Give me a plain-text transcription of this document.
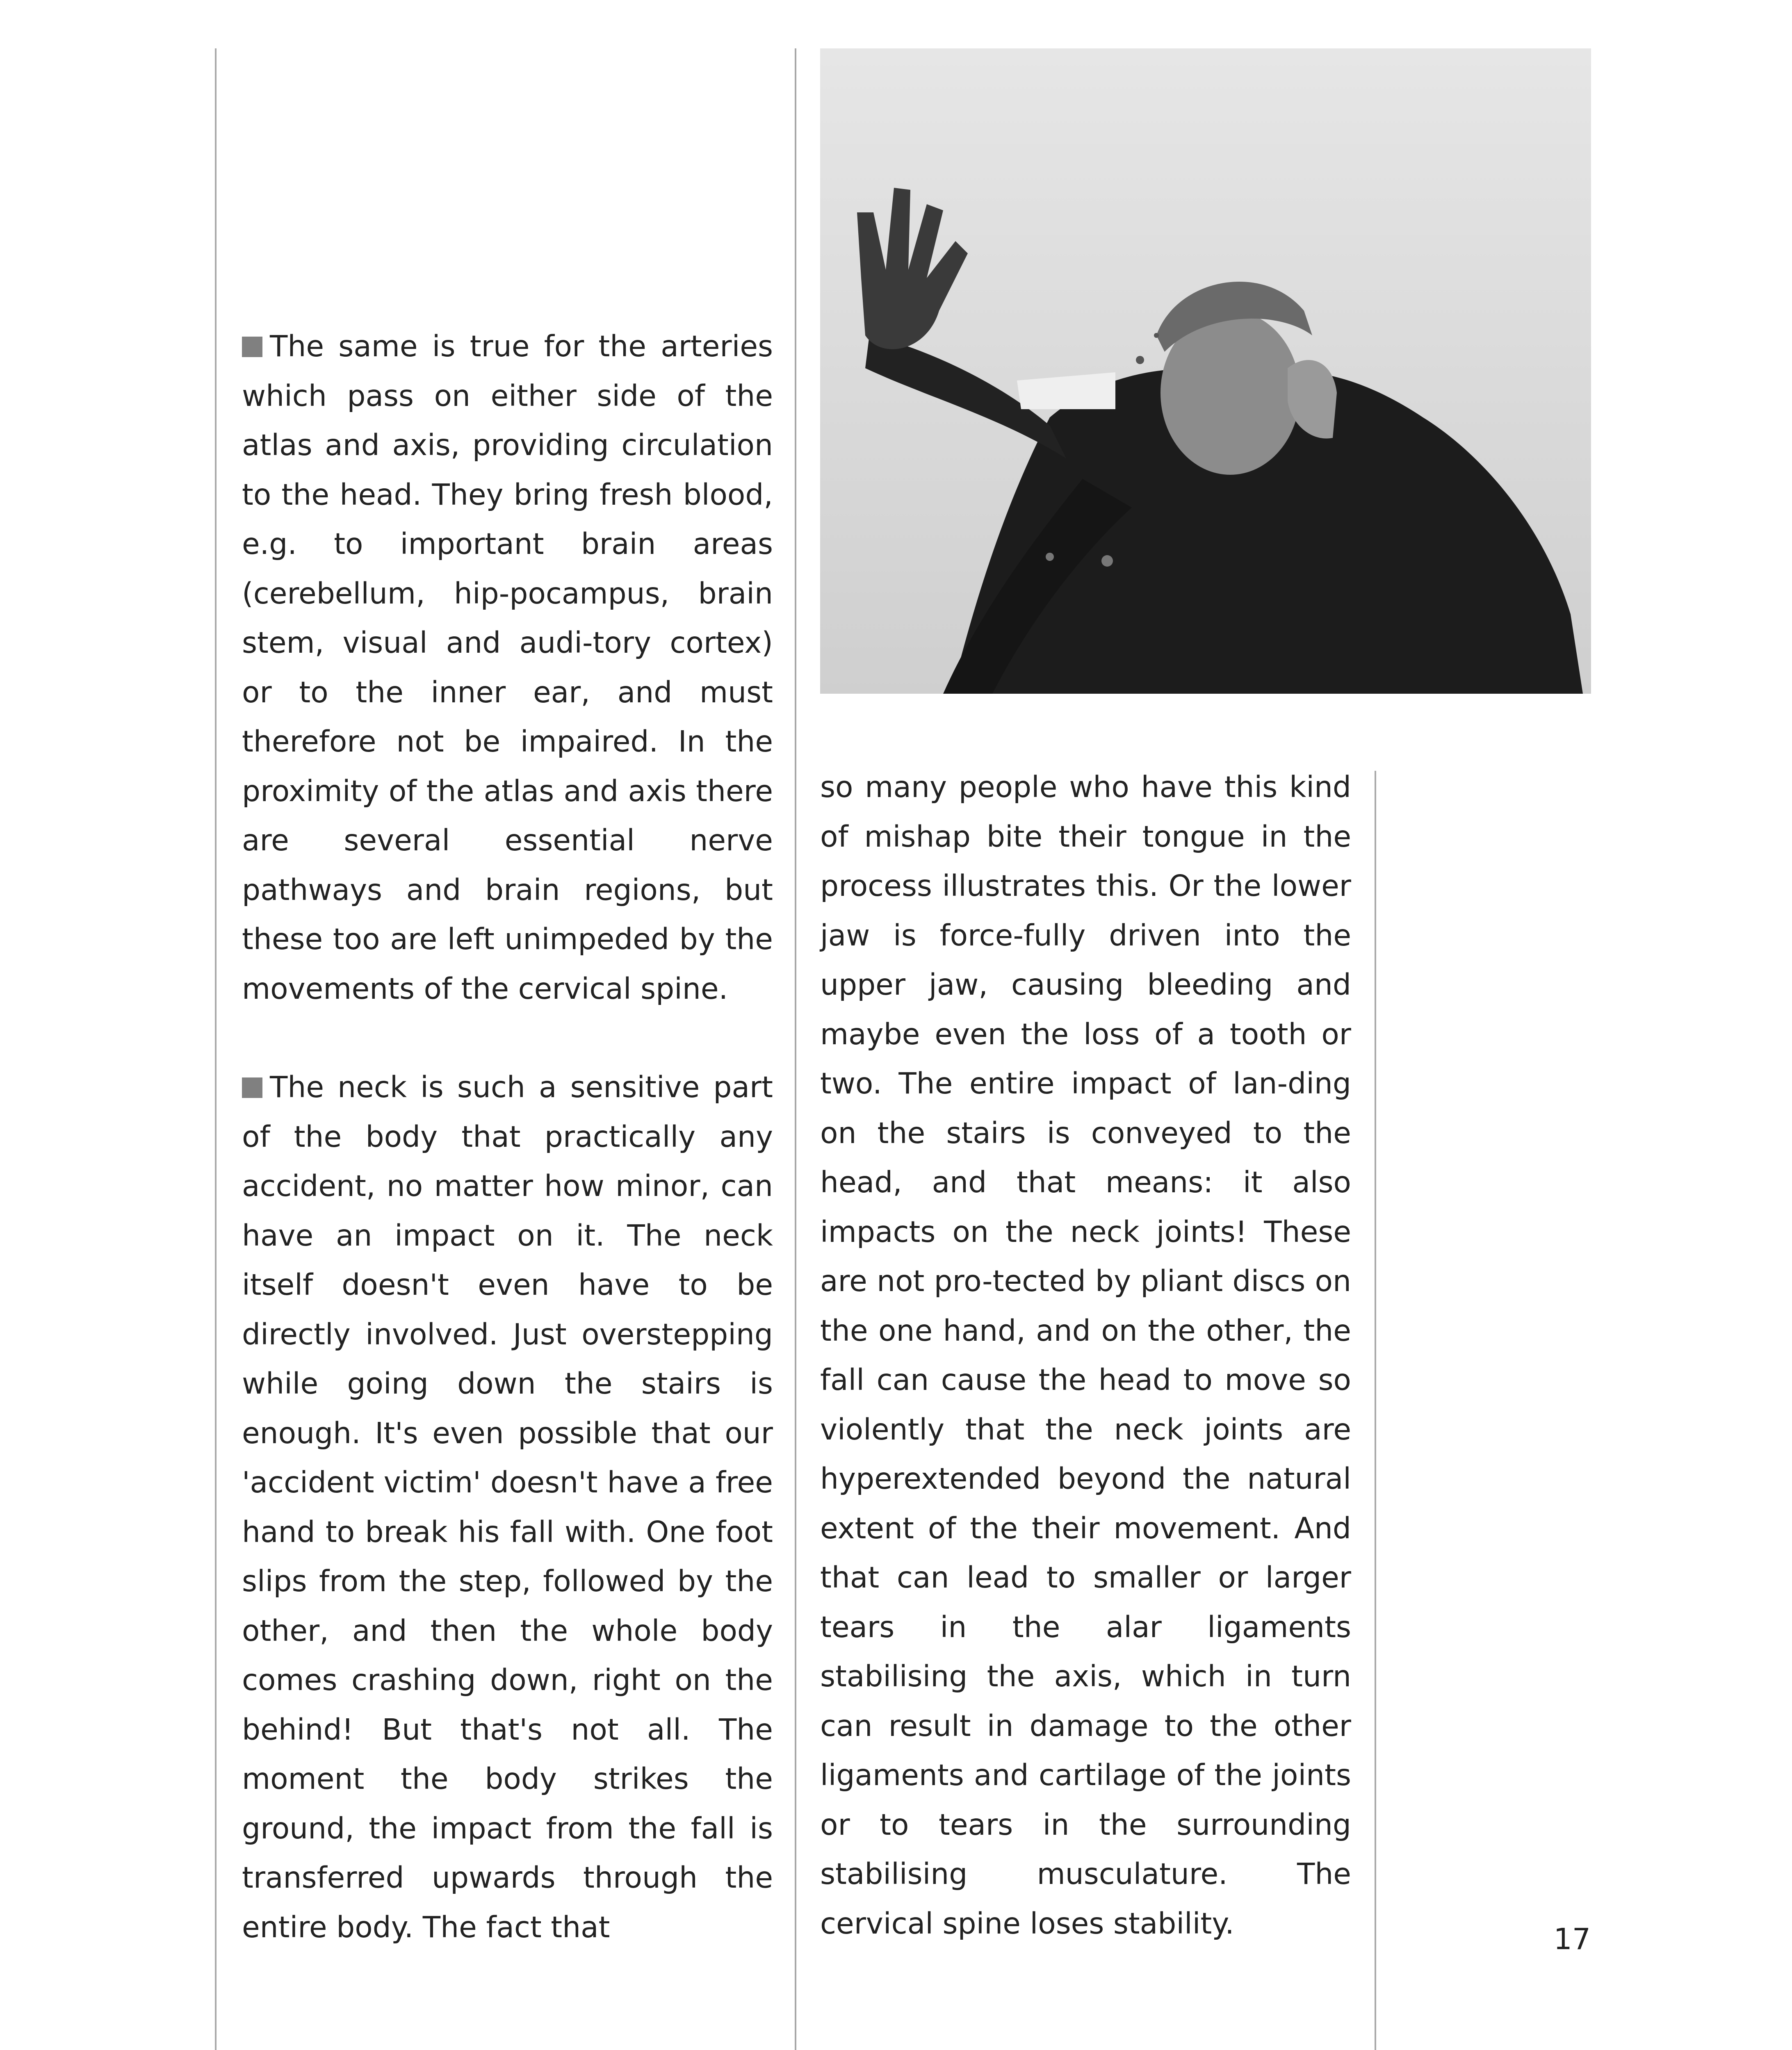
The same is true for the arteries which pass on either side of the atlas and axis, providing circulation to the head. They bring fresh blood, e.g. to important brain areas (cerebellum, hip-pocampus, brain stem, visual and audi-tory cortex) or to the inner ear, and must therefore not be impaired. In the proximity of the atlas and axis there are several essential nerve pathways and brain regions, but these too are left unimpeded by the movements of the cervical spine.

The neck is such a sensitive part of the body that practically any accident, no matter how minor, can have an impact on it. The neck itself doesn't even have to be directly involved. Just overstepping while going down the stairs is enough. It's even possible that our 'accident victim' doesn't have a free hand to break his fall with. One foot slips from the step, followed by the other, and then the whole body comes crashing down, right on the behind! But that's not all. The moment the body strikes the ground, the impact from the fall is transferred upwards through the entire body. The fact that

so many people who have this kind of mishap bite their tongue in the process illustrates this. Or the lower jaw is force-fully driven into the upper jaw, causing bleeding and maybe even the loss of a tooth or two. The entire impact of lan-ding on the stairs is conveyed to the head, and that means: it also impacts on the neck joints! These are not pro-tected by pliant discs on the one hand, and on the other, the fall can cause the head to move so violently that the neck joints are hyperextended beyond the natural extent of the their movement. And that can lead to smaller or larger tears in the alar ligaments stabilising the axis, which in turn can result in damage to the other ligaments and cartilage of the joints or to tears in the surrounding stabilising musculature. The cervical spine loses stability.	17
